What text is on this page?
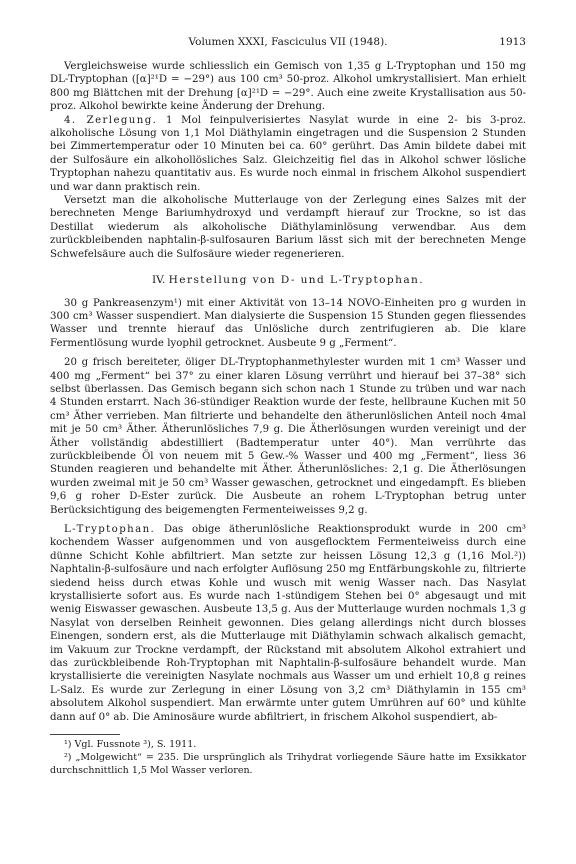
Volumen XXXI, Fasciculus VII (1948).	1913

Vergleichsweise wurde schliesslich ein Gemisch von 1,35 g L-Tryptophan und 150 mg DL-Tryptophan ([α]²¹D = −29°) aus 100 cm³ 50-proz. Alkohol umkrystallisiert. Man erhielt 800 mg Blättchen mit der Drehung [α]²¹D = −29°. Auch eine zweite Krystallisation aus 50-proz. Alkohol bewirkte keine Änderung der Drehung.

4. Zerlegung. 1 Mol feinpulverisiertes Nasylat wurde in eine 2- bis 3-proz. alkoholische Lösung von 1,1 Mol Diäthylamin eingetragen und die Suspension 2 Stunden bei Zimmertemperatur oder 10 Minuten bei ca. 60° gerührt. Das Amin bildete dabei mit der Sulfosäure ein alkohollösliches Salz. Gleichzeitig fiel das in Alkohol schwer lösliche Tryptophan nahezu quantitativ aus. Es wurde noch einmal in frischem Alkohol suspendiert und war dann praktisch rein.

Versetzt man die alkoholische Mutterlauge von der Zerlegung eines Salzes mit der berechneten Menge Bariumhydroxyd und verdampft hierauf zur Trockne, so ist das Destillat wiederum als alkoholische Diäthylaminlösung verwendbar. Aus dem zurückbleibenden naphtalin-β-sulfosauren Barium lässt sich mit der berechneten Menge Schwefelsäure auch die Sulfosäure wieder regenerieren.

IV. Herstellung von D- und L-Tryptophan.

30 g Pankreasenzym¹) mit einer Aktivität von 13–14 NOVO-Einheiten pro g wurden in 300 cm³ Wasser suspendiert. Man dialysierte die Suspension 15 Stunden gegen fliessendes Wasser und trennte hierauf das Unlösliche durch zentrifugieren ab. Die klare Fermentlösung wurde lyophil getrocknet. Ausbeute 9 g „Ferment“.

20 g frisch bereiteter, öliger DL-Tryptophanmethylester wurden mit 1 cm³ Wasser und 400 mg „Ferment“ bei 37° zu einer klaren Lösung verrührt und hierauf bei 37–38° sich selbst überlassen. Das Gemisch begann sich schon nach 1 Stunde zu trüben und war nach 4 Stunden erstarrt. Nach 36-stündiger Reaktion wurde der feste, hellbraune Kuchen mit 50 cm³ Äther verrieben. Man filtrierte und behandelte den ätherunlöslichen Anteil noch 4mal mit je 50 cm³ Äther. Ätherunlösliches 7,9 g. Die Ätherlösungen wurden vereinigt und der Äther vollständig abdestilliert (Badtemperatur unter 40°). Man verrührte das zurückbleibende Öl von neuem mit 5 Gew.-% Wasser und 400 mg „Ferment“, liess 36 Stunden reagieren und behandelte mit Äther. Ätherunlösliches: 2,1 g. Die Ätherlösungen wurden zweimal mit je 50 cm³ Wasser gewaschen, getrocknet und eingedampft. Es blieben 9,6 g roher D-Ester zurück. Die Ausbeute an rohem L-Tryptophan betrug unter Berücksichtigung des beigemengten Fermenteiweisses 9,2 g.

L-Tryptophan. Das obige ätherunlösliche Reaktionsprodukt wurde in 200 cm³ kochendem Wasser aufgenommen und von ausgeflocktem Fermenteiweiss durch eine dünne Schicht Kohle abfiltriert. Man setzte zur heissen Lösung 12,3 g (1,16 Mol.²)) Naphtalin-β-sulfosäure und nach erfolgter Auflösung 250 mg Entfärbungskohle zu, filtrierte siedend heiss durch etwas Kohle und wusch mit wenig Wasser nach. Das Nasylat krystallisierte sofort aus. Es wurde nach 1-stündigem Stehen bei 0° abgesaugt und mit wenig Eiswasser gewaschen. Ausbeute 13,5 g. Aus der Mutterlauge wurden nochmals 1,3 g Nasylat von derselben Reinheit gewonnen. Dies gelang allerdings nicht durch blosses Einengen, sondern erst, als die Mutterlauge mit Diäthylamin schwach alkalisch gemacht, im Vakuum zur Trockne verdampft, der Rückstand mit absolutem Alkohol extrahiert und das zurückbleibende Roh-Tryptophan mit Naphtalin-β-sulfosäure behandelt wurde. Man krystallisierte die vereinigten Nasylate nochmals aus Wasser um und erhielt 10,8 g reines L-Salz. Es wurde zur Zerlegung in einer Lösung von 3,2 cm³ Diäthylamin in 155 cm³ absolutem Alkohol suspendiert. Man erwärmte unter gutem Umrühren auf 60° und kühlte dann auf 0° ab. Die Aminosäure wurde abfiltriert, in frischem Alkohol suspendiert, ab-

¹) Vgl. Fussnote ³), S. 1911.

²) „Molgewicht“ = 235. Die ursprünglich als Trihydrat vorliegende Säure hatte im Exsikkator durchschnittlich 1,5 Mol Wasser verloren.
